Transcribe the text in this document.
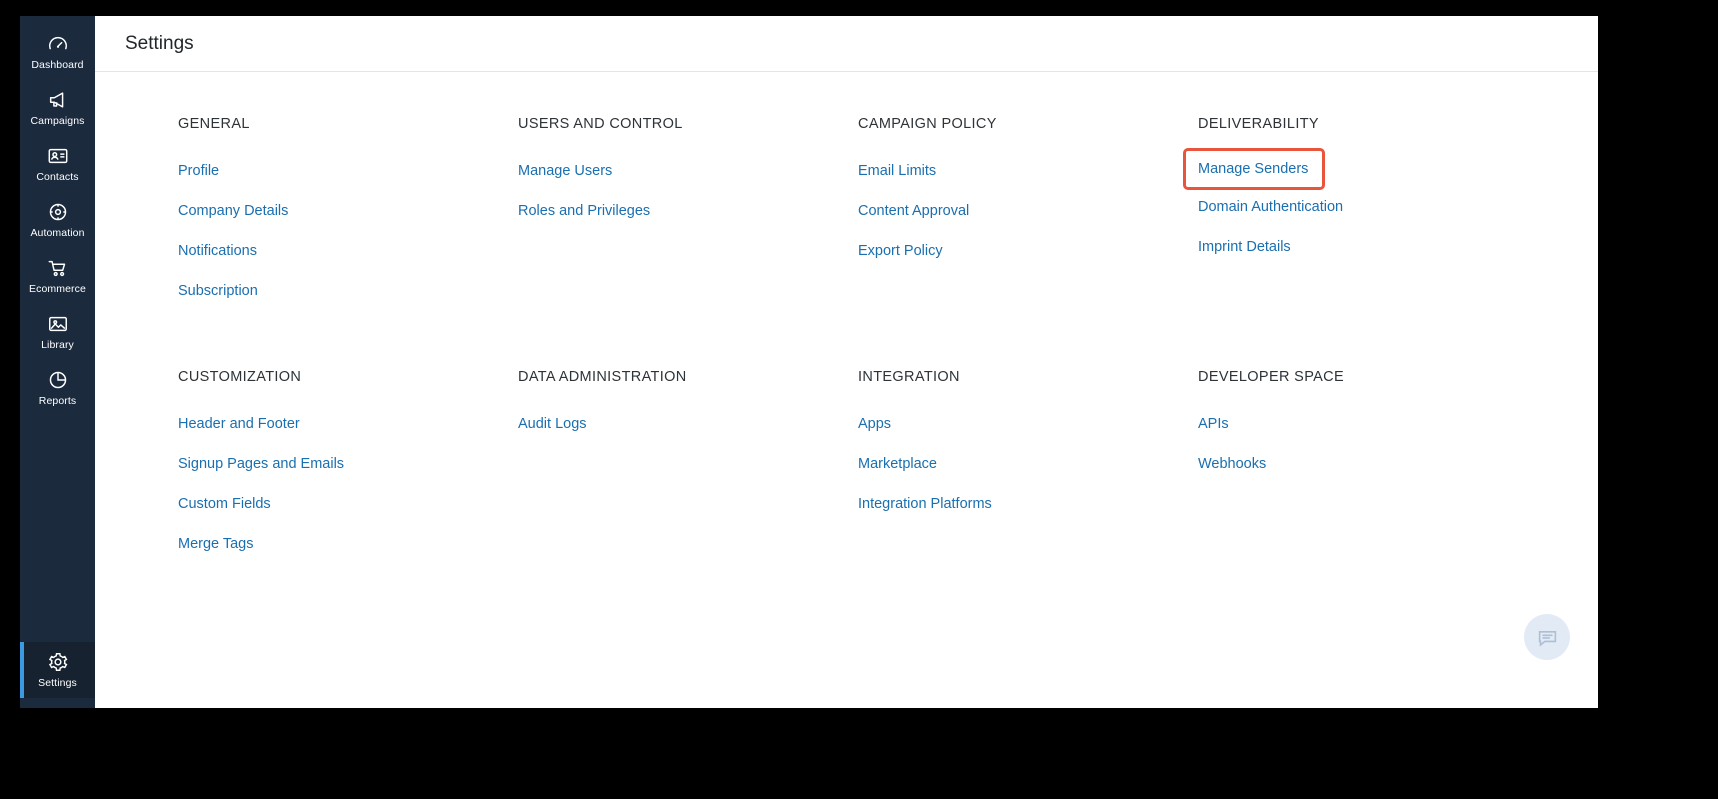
Dashboard
Campaigns
Contacts
Automation
Ecommerce
Library
Reports
Settings
Settings
GENERAL
Profile
Company Details
Notifications
Subscription
USERS AND CONTROL
Manage Users
Roles and Privileges
CAMPAIGN POLICY
Email Limits
Content Approval
Export Policy
DELIVERABILITY
Manage Senders
Domain Authentication
Imprint Details
CUSTOMIZATION
Header and Footer
Signup Pages and Emails
Custom Fields
Merge Tags
DATA ADMINISTRATION
Audit Logs
INTEGRATION
Apps
Marketplace
Integration Platforms
DEVELOPER SPACE
APIs
Webhooks
